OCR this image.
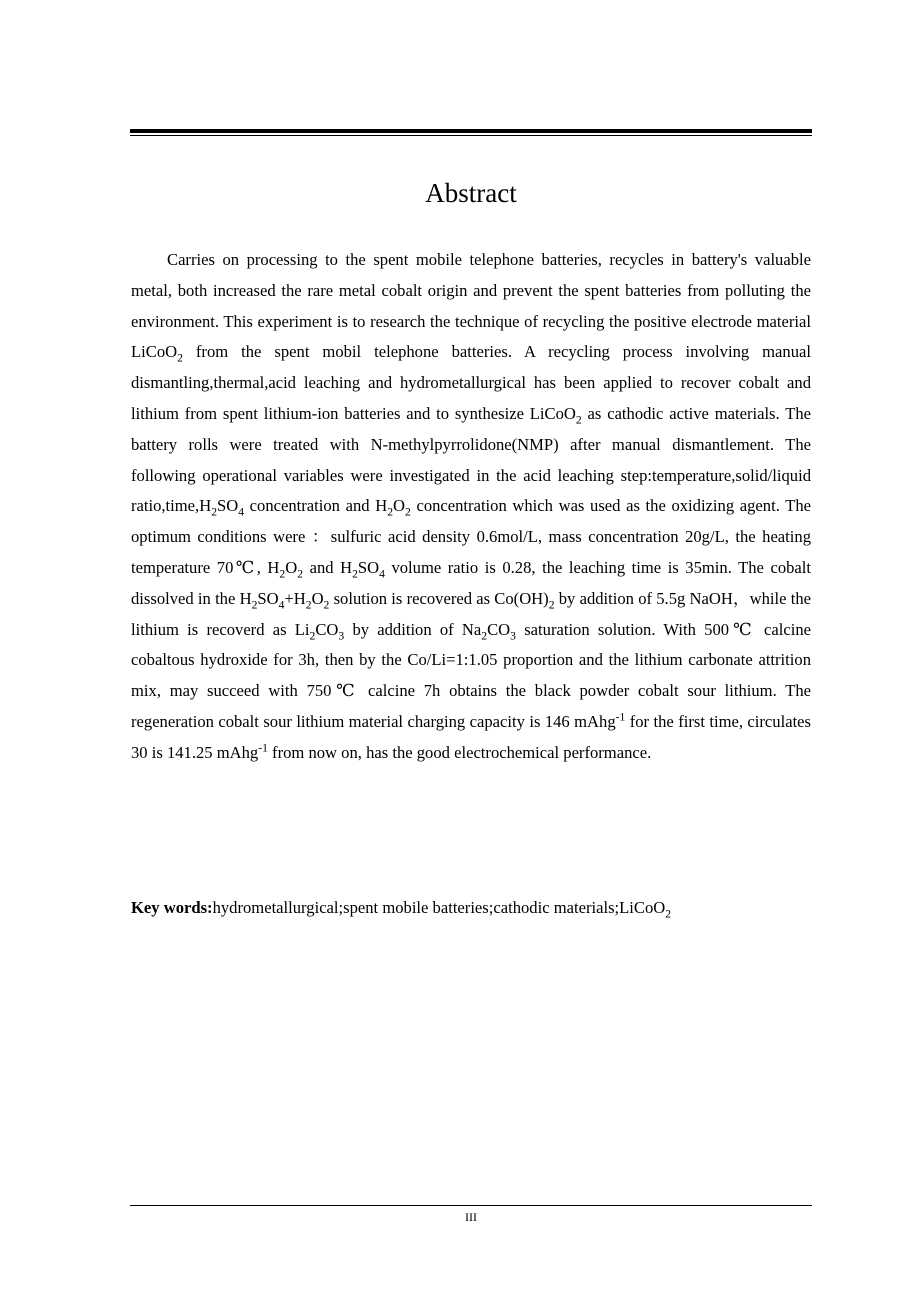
Abstract

Carries on processing to the spent mobile telephone batteries, recycles in battery's valuable metal, both increased the rare metal cobalt origin and prevent the spent batteries from polluting the environment. This experiment is to research the technique of recycling the positive electrode material LiCoO$_2$ from the spent mobil telephone batteries. A recycling process involving manual dismantling,thermal,acid leaching and hydrometallurgical has been applied to recover cobalt and lithium from spent lithium-ion batteries and to synthesize LiCoO$_2$ as cathodic active materials. The battery rolls were treated with N-methylpyrrolidone(NMP) after manual dismantlement. The following operational variables were investigated in the acid leaching step:temperature,solid/liquid $ratio,time,H_2SO_4$ concentration and $H_2O_2$ concentration which was used as the oxidizing agent. The optimum conditions were ：sulfuric acid density 0.6mol/L, mass concentration 20g/L, the heating temperature 70℃, $H_2O_2$ and $H_2SO_4$ volume ratio is 0.28, the leaching time is 35min. The cobalt dissolved in the $H_2SO_4+H_2O_2$ solution is recovered as $Co(OH)_2$ by addition of 5.5g NaOH，while the lithium is recoverd as $Li_2CO_3$ by addition of $Na_2CO_3$ saturation solution. With 500℃ calcine cobaltous hydroxide for 3h, then by the Co/Li=1:1.05 proportion and the lithium carbonate attrition mix, may succeed with 750℃ calcine 7h obtains the black powder cobalt sour lithium. The regeneration cobalt sour lithium material charging capacity is 146 mAhg$^{-1}$ for the first time, circulates 30 is 141.25 mAhg$^{-1}$ from now on, has the good electrochemical performance.

Key words:hydrometallurgical;spent mobile batteries;cathodic materials;LiCoO$_2$

III
